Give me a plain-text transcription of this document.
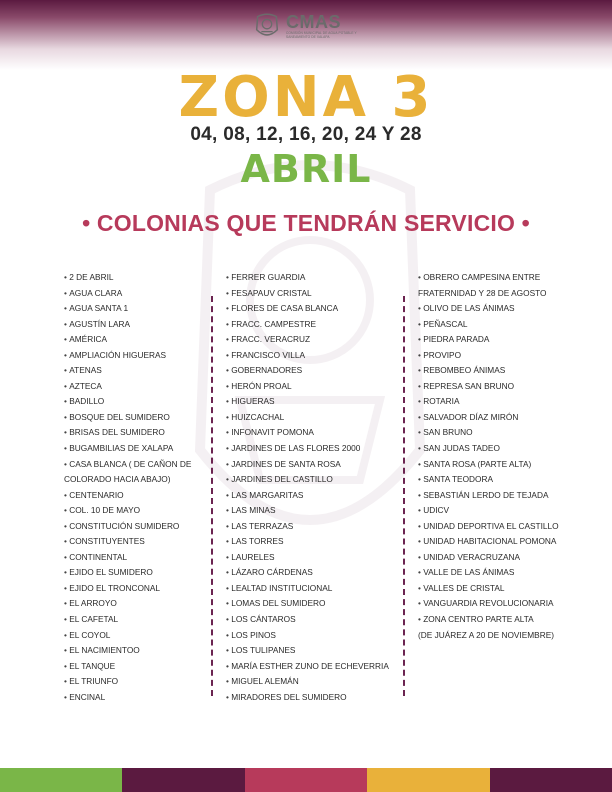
CMAS
COMISIÓN MUNICIPAL DE AGUA POTABLE Y SANEAMIENTO DE XALAPA
ZONA 3
04, 08, 12, 16, 20, 24 Y 28
ABRIL
• COLONIAS QUE TENDRÁN SERVICIO •
• 2 DE ABRIL
• AGUA CLARA
• AGUA SANTA 1
• AGUSTÍN LARA
• AMÉRICA
• AMPLIACIÓN HIGUERAS
• ATENAS
• AZTECA
• BADILLO
• BOSQUE DEL SUMIDERO
• BRISAS DEL SUMIDERO
• BUGAMBILIAS DE XALAPA
• CASA BLANCA ( DE CAÑON DE
COLORADO HACIA ABAJO)
• CENTENARIO
• COL. 10 DE MAYO
• CONSTITUCIÓN SUMIDERO
• CONSTITUYENTES
• CONTINENTAL
• EJIDO EL SUMIDERO
• EJIDO EL TRONCONAL
• EL ARROYO
• EL CAFETAL
• EL COYOL
• EL NACIMIENTOO
• EL TANQUE
• EL TRIUNFO
• ENCINAL
• FERRER GUARDIA
• FESAPAUV CRISTAL
• FLORES DE CASA BLANCA
• FRACC. CAMPESTRE
• FRACC. VERACRUZ
• FRANCISCO VILLA
• GOBERNADORES
• HERÓN PROAL
• HIGUERAS
• HUIZCACHAL
• INFONAVIT POMONA
• JARDINES DE LAS FLORES 2000
• JARDINES DE SANTA ROSA
• JARDINES DEL CASTILLO
• LAS MARGARITAS
• LAS MINAS
• LAS TERRAZAS
• LAS TORRES
• LAURELES
• LÁZARO CÁRDENAS
• LEALTAD INSTITUCIONAL
• LOMAS DEL SUMIDERO
• LOS CÁNTAROS
• LOS PINOS
• LOS TULIPANES
• MARÍA ESTHER ZUNO DE ECHEVERRIA
• MIGUEL ALEMÁN
• MIRADORES DEL SUMIDERO
• OBRERO CAMPESINA ENTRE
FRATERNIDAD Y 28 DE AGOSTO
• OLIVO DE LAS ÁNIMAS
• PEÑASCAL
• PIEDRA PARADA
• PROVIPO
• REBOMBEO ÁNIMAS
• REPRESA SAN BRUNO
• ROTARIA
• SALVADOR DÍAZ MIRÓN
• SAN BRUNO
• SAN JUDAS TADEO
• SANTA ROSA (PARTE ALTA)
• SANTA TEODORA
• SEBASTIÁN LERDO DE TEJADA
• UDICV
• UNIDAD DEPORTIVA EL CASTILLO
• UNIDAD HABITACIONAL POMONA
• UNIDAD VERACRUZANA
• VALLE DE LAS ÁNIMAS
• VALLES DE CRISTAL
• VANGUARDIA REVOLUCIONARIA
• ZONA CENTRO PARTE ALTA
(DE JUÁREZ A 20 DE NOVIEMBRE)
